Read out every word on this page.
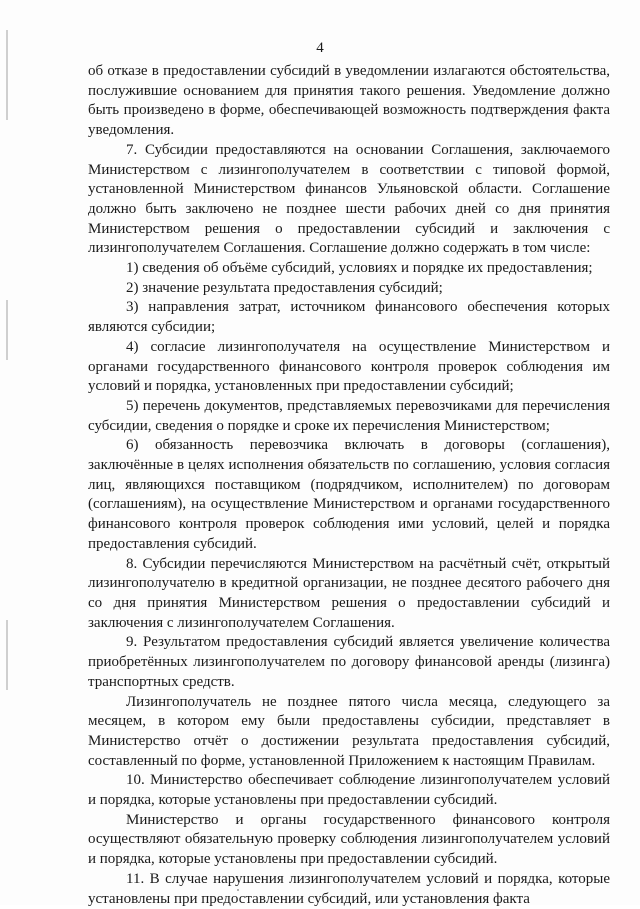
4

об отказе в предоставлении субсидий в уведомлении излагаются обстоятельства, послужившие основанием для принятия такого решения. Уведомление должно быть произведено в форме, обеспечивающей возможность подтверждения факта уведомления.

7. Субсидии предоставляются на основании Соглашения, заключаемого Министерством с лизингополучателем в соответствии с типовой формой, установленной Министерством финансов Ульяновской области. Соглашение должно быть заключено не позднее шести рабочих дней со дня принятия Министерством решения о предоставлении субсидий и заключения с лизингополучателем Соглашения. Соглашение должно содержать в том числе:

1) сведения об объёме субсидий, условиях и порядке их предоставления;

2) значение результата предоставления субсидий;

3) направления затрат, источником финансового обеспечения которых являются субсидии;

4) согласие лизингополучателя на осуществление Министерством и органами государственного финансового контроля проверок соблюдения им условий и порядка, установленных при предоставлении субсидий;

5) перечень документов, представляемых перевозчиками для перечисления субсидии, сведения о порядке и сроке их перечисления Министерством;

6) обязанность перевозчика включать в договоры (соглашения), заключённые в целях исполнения обязательств по соглашению, условия согласия лиц, являющихся поставщиком (подрядчиком, исполнителем) по договорам (соглашениям), на осуществление Министерством и органами государственного финансового контроля проверок соблюдения ими условий, целей и порядка предоставления субсидий.

8. Субсидии перечисляются Министерством на расчётный счёт, открытый лизингополучателю в кредитной организации, не позднее десятого рабочего дня со дня принятия Министерством решения о предоставлении субсидий и заключения с лизингополучателем Соглашения.

9. Результатом предоставления субсидий является увеличение количества приобретённых лизингополучателем по договору финансовой аренды (лизинга) транспортных средств.

Лизингополучатель не позднее пятого числа месяца, следующего за месяцем, в котором ему были предоставлены субсидии, представляет в Министерство отчёт о достижении результата предоставления субсидий, составленный по форме, установленной Приложением к настоящим Правилам.

10. Министерство обеспечивает соблюдение лизингополучателем условий и порядка, которые установлены при предоставлении субсидий.

Министерство и органы государственного финансового контроля осуществляют обязательную проверку соблюдения лизингополучателем условий и порядка, которые установлены при предоставлении субсидий.

11. В случае нарушения лизингополучателем условий и порядка, которые установлены при предоставлении субсидий, или установления факта
